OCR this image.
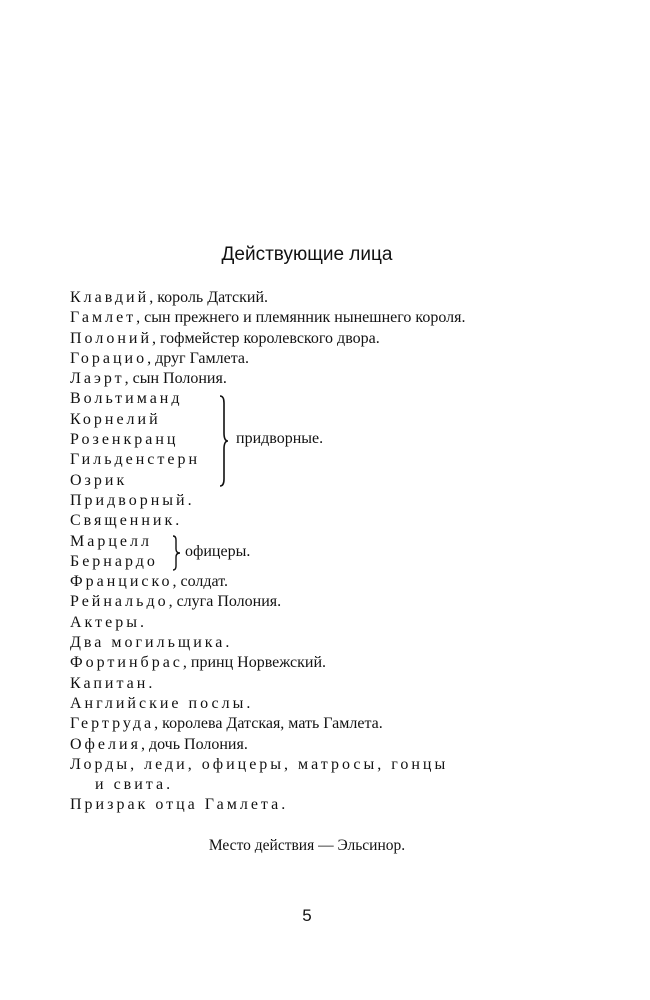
Действующие лица
Клавдий, король Датский.
Гамлет, сын прежнего и племянник нынешнего короля.
Полоний, гофмейстер королевского двора.
Горацио, друг Гамлета.
Лаэрт, сын Полония.
Вольтиманд
Корнелий
Розенкранц
Гильденстерн
Озрик
придворные.
Придворный.
Священник.
Марцелл
Бернардо
офицеры.
Франциско, солдат.
Рейнальдо, слуга Полония.
Актеры.
Два могильщика.
Фортинбрас, принц Норвежский.
Капитан.
Английские послы.
Гертруда, королева Датская, мать Гамлета.
Офелия, дочь Полония.
Лорды, леди, офицеры, матросы, гонцы
и свита.
Призрак отца Гамлета.
Место действия — Эльсинор.
5
